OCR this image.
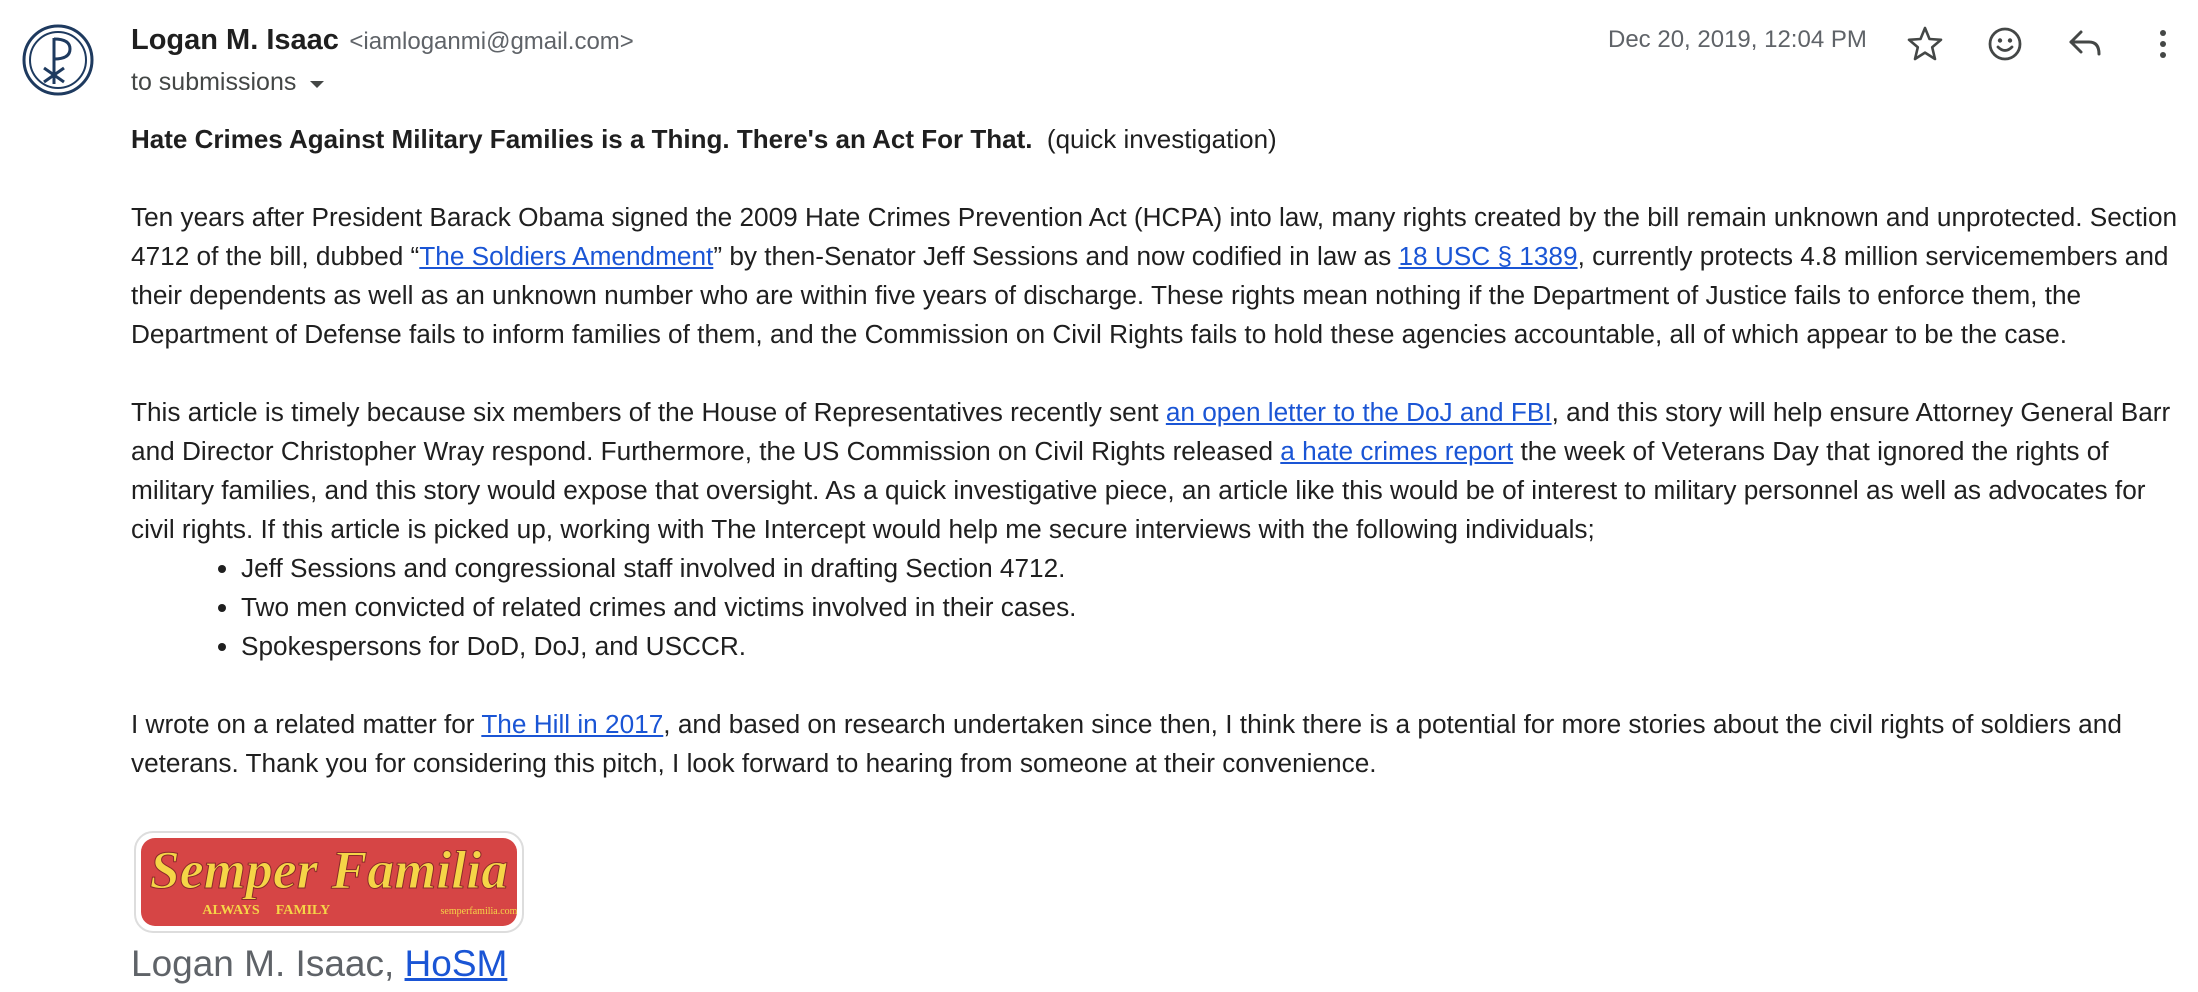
Logan M. Isaac <iamloganmi@gmail.com>
to submissions
Dec 20, 2019, 12:04 PM

Hate Crimes Against Military Families is a Thing. There's an Act For That. (quick investigation)

Ten years after President Barack Obama signed the 2009 Hate Crimes Prevention Act (HCPA) into law, many rights created by the bill remain unknown and unprotected. Section 4712 of the bill, dubbed “The Soldiers Amendment” by then-Senator Jeff Sessions and now codified in law as 18 USC § 1389, currently protects 4.8 million servicemembers and their dependents as well as an unknown number who are within five years of discharge. These rights mean nothing if the Department of Justice fails to enforce them, the Department of Defense fails to inform families of them, and the Commission on Civil Rights fails to hold these agencies accountable, all of which appear to be the case.

This article is timely because six members of the House of Representatives recently sent an open letter to the DoJ and FBI, and this story will help ensure Attorney General Barr and Director Christopher Wray respond. Furthermore, the US Commission on Civil Rights released a hate crimes report the week of Veterans Day that ignored the rights of military families, and this story would expose that oversight. As a quick investigative piece, an article like this would be of interest to military personnel as well as advocates for civil rights. If this article is picked up, working with The Intercept would help me secure interviews with the following individuals;

• Jeff Sessions and congressional staff involved in drafting Section 4712.
• Two men convicted of related crimes and victims involved in their cases.
• Spokespersons for DoD, DoJ, and USCCR.

I wrote on a related matter for The Hill in 2017, and based on research undertaken since then, I think there is a potential for more stories about the civil rights of soldiers and veterans. Thank you for considering this pitch, I look forward to hearing from someone at their convenience.

Semper Familia
ALWAYS FAMILY	semperfamilia.com
Logan M. Isaac, HoSM
